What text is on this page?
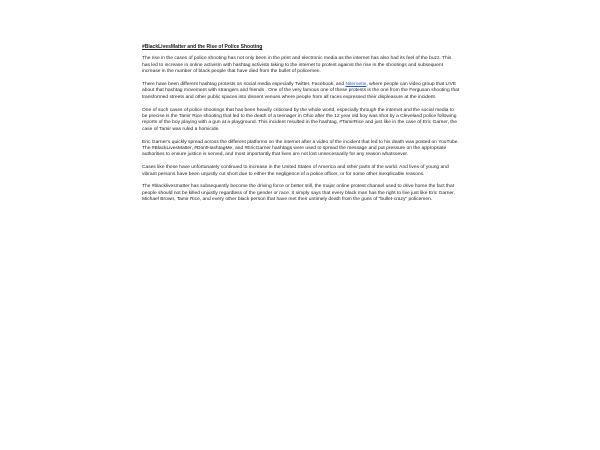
#BlackLivesMatter and the Rise of Police Shooting

The rise in the cases of police shooting has not only been in the print and electronic media as the internet has also had its feel of the buzz. This has led to increase in online activism with hashtag activists taking to the internet to protest against the rise in the shootings and subsequent increase in the number of black people that have died from the bullet of policemen.

There have been different hashtag protests on social media especially Twitter, Facebook, and Niteroetin, where people can video group that LIVE about that hashtag movement with strangers and friends . One of the very famous one of these protests is the one from the Ferguson shooting that transformed streets and other public spaces into dissent venues where people from all races expressed their displeasure at the incident.

One of such cases of police shootings that has been heavily criticised by the whole world, especially through the internet and the social media to be precise is the Tamir Rice shooting that led to the death of a teenager in Ohio after the 12 year old boy was shot by a Cleveland police following reports of the boy playing with a gun at a playground. This incident resulted in the hashtag, #TamirRice and just like in the case of Eric Garner, the case of Tamir was ruled a homicide.

Eric Garner's quickly spread across the different platforms on the internet after a video of the incident that led to his death was posted on YouTube. The #BlackLivesMatter, #DontHashtagMe, and #EricGarner hashtags were used to spread the message and put pressure on the appropriate authorities to ensure justice is served, and most importantly that lives are not lost unnecessarily for any reason whatsoever.

Cases like these have unfortunately continued to increase in the United States of America and other parts of the world. And lives of young and vibrant persons have been unjustly cut short due to either the negligence of a police officer, or for some other inexplicable reasons.

The #blacklivesmatter has subsequently become the driving force or better still, the major online protest channel used to drive home the fact that people should not be killed unjustly regardless of the gender or race. It simply says that every black man has the right to live just like Eric Garner, Michael Brown, Tamir Rice, and every other black person that have met their untimely death from the guns of "bullet-crazy" policemen.
